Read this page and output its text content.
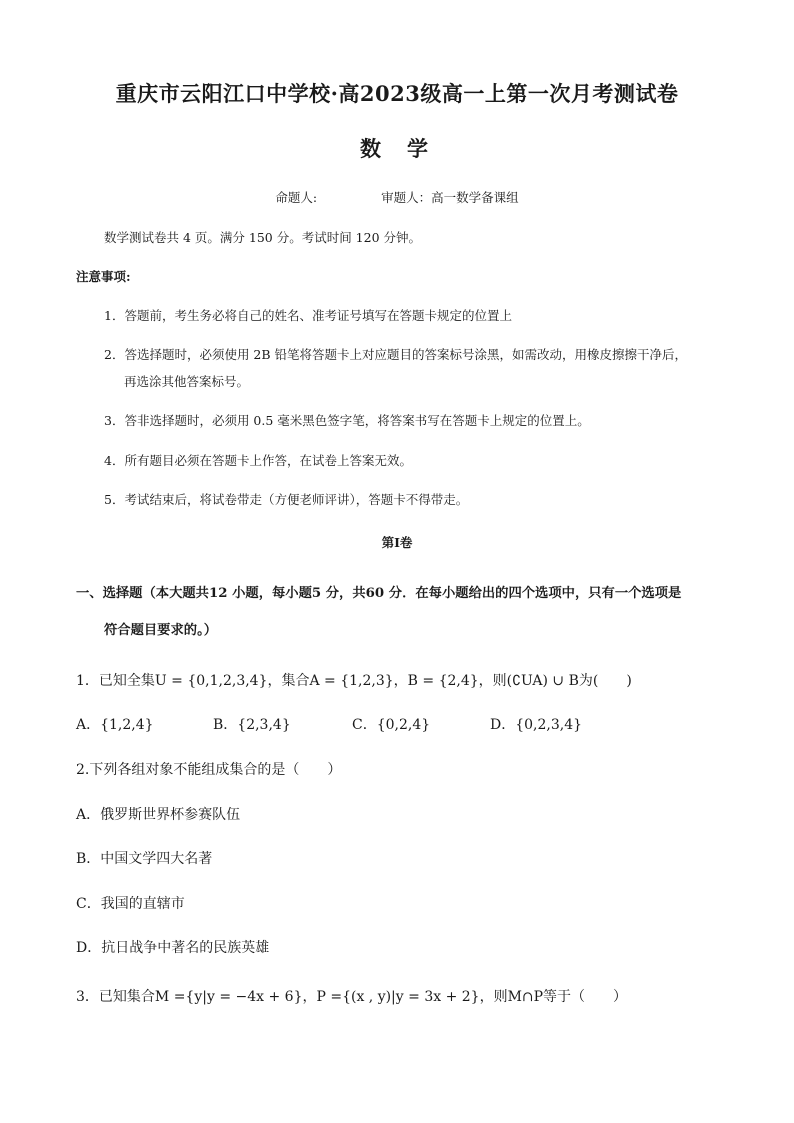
重庆市云阳江口中学校·高2023级高一上第一次月考测试卷
数学
命题人:	审题人：高一数学备课组
数学测试卷共 4 页。满分 150 分。考试时间 120 分钟。
注意事项:
1．答题前，考生务必将自己的姓名、准考证号填写在答题卡规定的位置上
2．答选择题时，必须使用 2B 铅笔将答题卡上对应题目的答案标号涂黑，如需改动，用橡皮擦擦干净后，
再选涂其他答案标号。
3．答非选择题时，必须用 0.5 毫米黑色签字笔，将答案书写在答题卡上规定的位置上。
4．所有题目必须在答题卡上作答，在试卷上答案无效。
5．考试结束后，将试卷带走（方便老师评讲），答题卡不得带走。
第Ⅰ卷
一、选择题（本大题共12 小题，每小题5 分，共60 分．在每小题给出的四个选项中，只有一个选项是
符合题目要求的。）
1．已知全集U = {0,1,2,3,4}，集合A = {1,2,3}，B = {2,4}，则(∁UA) ∪ B为(　　)
A．{1,2,4}	B．{2,3,4}	C．{0,2,4}	D．{0,2,3,4}
2.下列各组对象不能组成集合的是（　　）
A．俄罗斯世界杯参赛队伍
B．中国文学四大名著
C．我国的直辖市
D．抗日战争中著名的民族英雄
3．已知集合M ={y|y = −4x + 6}，P ={(x , y)|y = 3x + 2}，则M∩P等于（　　）
